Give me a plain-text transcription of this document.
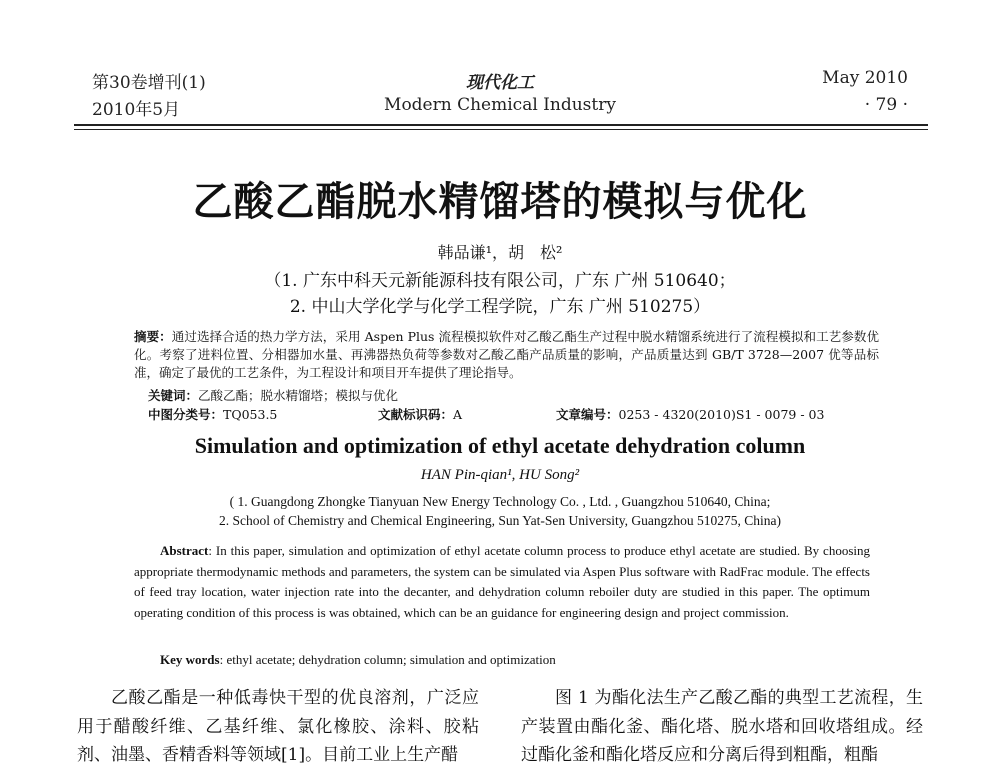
第30卷增刊(1)
2010年5月
现代化工
Modern Chemical Industry
May 2010
· 79 ·
乙酸乙酯脱水精馏塔的模拟与优化
韩品谦¹，胡　松²
（1. 广东中科天元新能源科技有限公司，广东 广州 510640；
2. 中山大学化学与化学工程学院，广东 广州 510275）
摘要：通过选择合适的热力学方法，采用 Aspen Plus 流程模拟软件对乙酸乙酯生产过程中脱水精馏系统进行了流程模拟和工艺参数优化。考察了进料位置、分相器加水量、再沸器热负荷等参数对乙酸乙酯产品质量的影响，产品质量达到 GB/T 3728—2007 优等品标准，确定了最优的工艺条件，为工程设计和项目开车提供了理论指导。
关键词：乙酸乙酯；脱水精馏塔；模拟与优化
中图分类号：TQ053.5	文献标识码：A	文章编号：0253 - 4320(2010)S1 - 0079 - 03
Simulation and optimization of ethyl acetate dehydration column
HAN Pin-qian¹, HU Song²
( 1. Guangdong Zhongke Tianyuan New Energy Technology Co. , Ltd. , Guangzhou 510640, China;
2. School of Chemistry and Chemical Engineering, Sun Yat-Sen University, Guangzhou 510275, China)
Abstract: In this paper, simulation and optimization of ethyl acetate column process to produce ethyl acetate are studied. By choosing appropriate thermodynamic methods and parameters, the system can be simulated via Aspen Plus software with RadFrac module. The effects of feed tray location, water injection rate into the decanter, and dehydration column reboiler duty are studied in this paper. The optimum operating condition of this process is was obtained, which can be an guidance for engineering design and project commission.
Key words: ethyl acetate; dehydration column; simulation and optimization
乙酸乙酯是一种低毒快干型的优良溶剂，广泛应用于醋酸纤维、乙基纤维、氯化橡胶、涂料、胶粘剂、油墨、香精香料等领域[1]。目前工业上生产醋
图 1 为酯化法生产乙酸乙酯的典型工艺流程，生产装置由酯化釜、酯化塔、脱水塔和回收塔组成。经过酯化釜和酯化塔反应和分离后得到粗酯，粗酯
